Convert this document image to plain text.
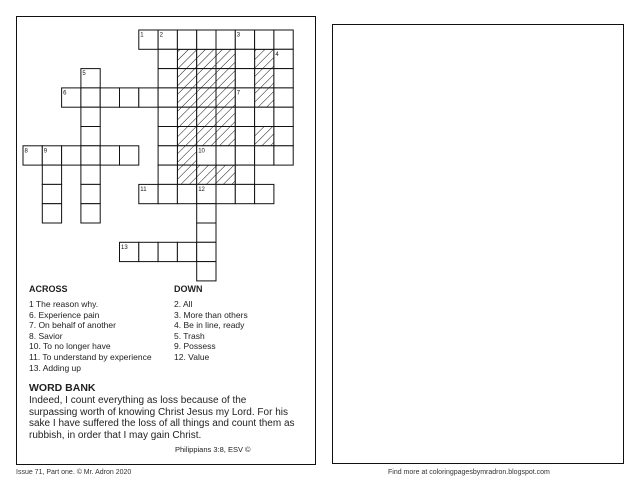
1	2	3
4
5
6	7
8	9	10
11	12
13
ACROSS	DOWN
1 The reason why.
6. Experience pain
7. On behalf of another
8. Savior
10. To no longer have
11. To understand by experience
13. Adding up
2. All
3. More than others
4. Be in line, ready
5. Trash
9. Possess
12. Value
WORD BANK
Indeed, I count everything as loss because of the surpassing worth of knowing Christ Jesus my Lord. For his sake I have suffered the loss of all things and count them as rubbish, in order that I may gain Christ.
Philippians 3:8, ESV ©
Issue 71, Part one. © Mr. Adron 2020	Find more at coloringpagesbymradron.blogspot.com
